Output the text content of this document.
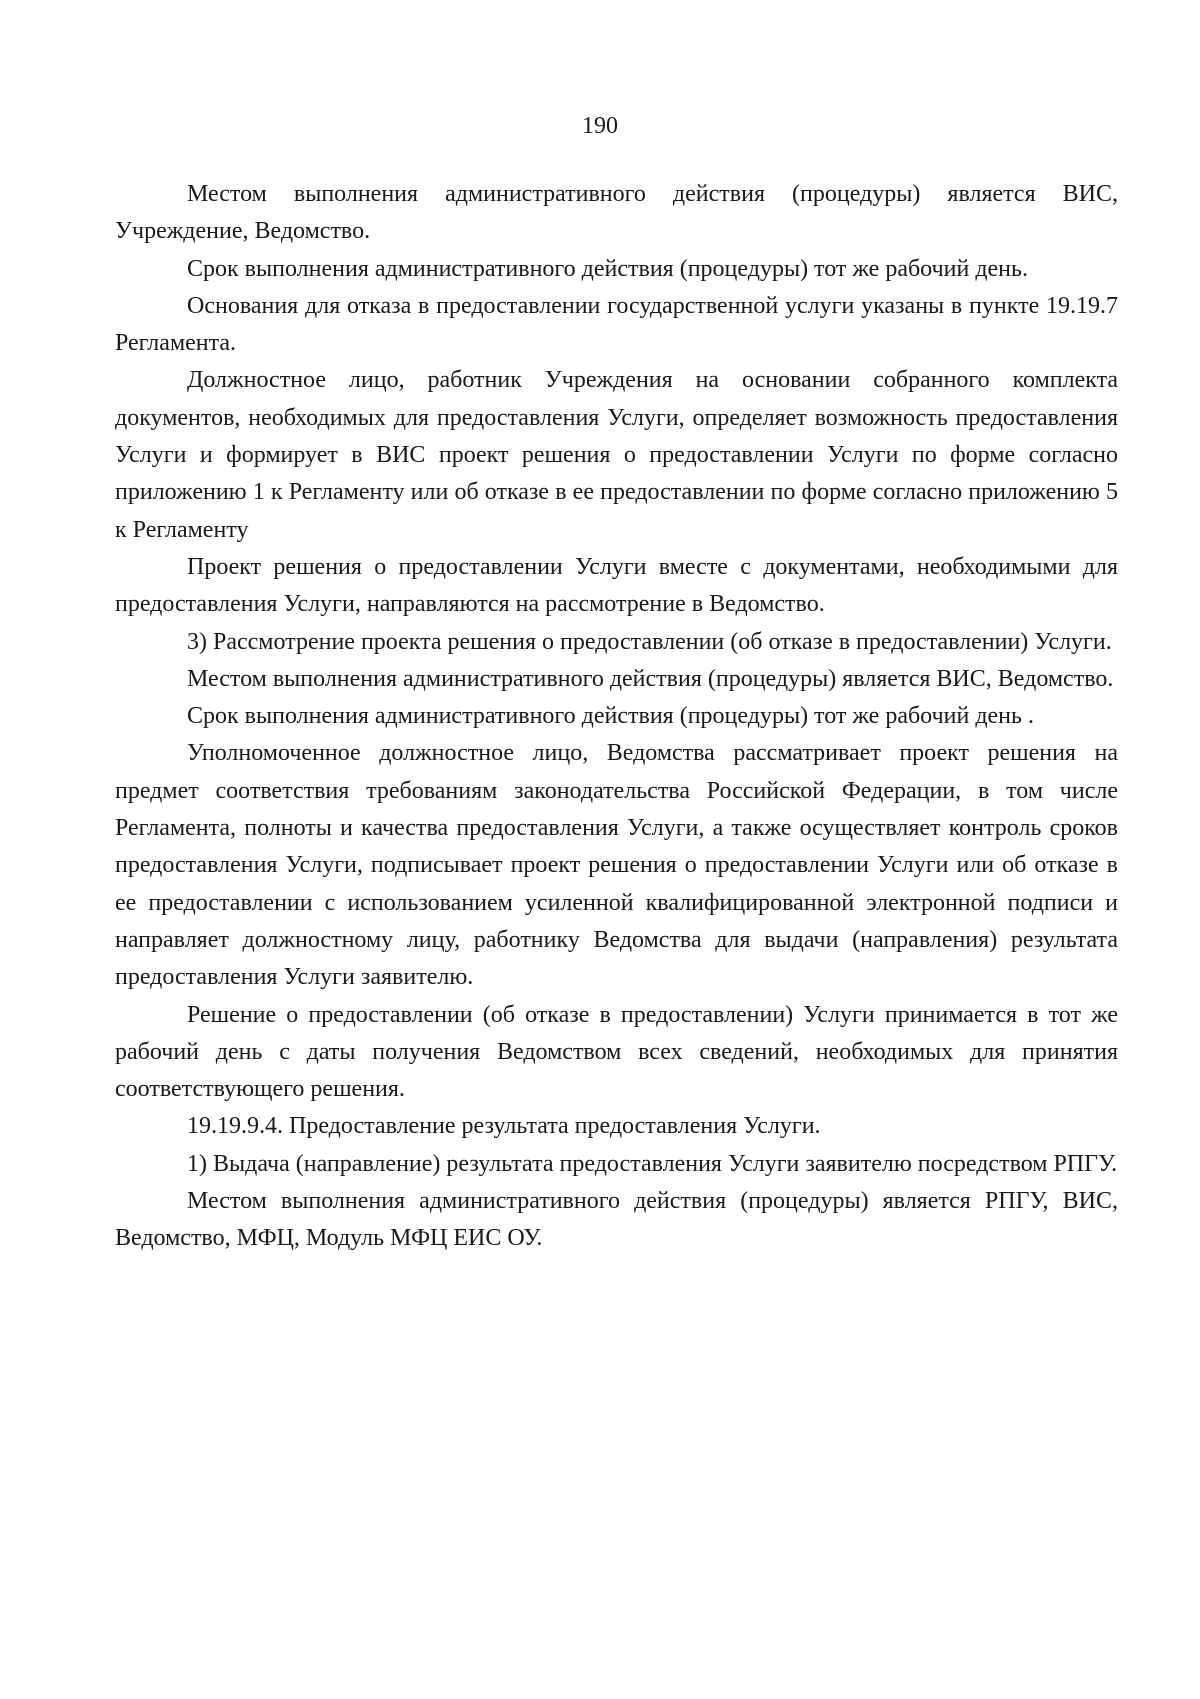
190

Местом выполнения административного действия (процедуры) является ВИС, Учреждение, Ведомство.

Срок выполнения административного действия (процедуры) тот же рабочий день.

Основания для отказа в предоставлении государственной услуги указаны в пункте 19.19.7 Регламента.

Должностное лицо, работник Учреждения на основании собранного комплекта документов, необходимых для предоставления Услуги, определяет возможность предоставления Услуги и формирует в ВИС проект решения о предоставлении Услуги по форме согласно приложению 1 к Регламенту или об отказе в ее предоставлении по форме согласно приложению 5 к Регламенту

Проект решения о предоставлении Услуги вместе с документами, необходимыми для предоставления Услуги, направляются на рассмотрение в Ведомство.

3) Рассмотрение проекта решения о предоставлении (об отказе в предоставлении) Услуги.

Местом выполнения административного действия (процедуры) является ВИС, Ведомство.

Срок выполнения административного действия (процедуры) тот же рабочий день .

Уполномоченное должностное лицо, Ведомства рассматривает проект решения на предмет соответствия требованиям законодательства Российской Федерации, в том числе Регламента, полноты и качества предоставления Услуги, а также осуществляет контроль сроков предоставления Услуги, подписывает проект решения о предоставлении Услуги или об отказе в ее предоставлении с использованием усиленной квалифицированной электронной подписи и направляет должностному лицу, работнику Ведомства для выдачи (направления) результата предоставления Услуги заявителю.

Решение о предоставлении (об отказе в предоставлении) Услуги принимается в тот же рабочий день с даты получения Ведомством всех сведений, необходимых для принятия соответствующего решения.

19.19.9.4. Предоставление результата предоставления Услуги.

1) Выдача (направление) результата предоставления Услуги заявителю посредством РПГУ.

Местом выполнения административного действия (процедуры) является РПГУ, ВИС, Ведомство, МФЦ, Модуль МФЦ ЕИС ОУ.
